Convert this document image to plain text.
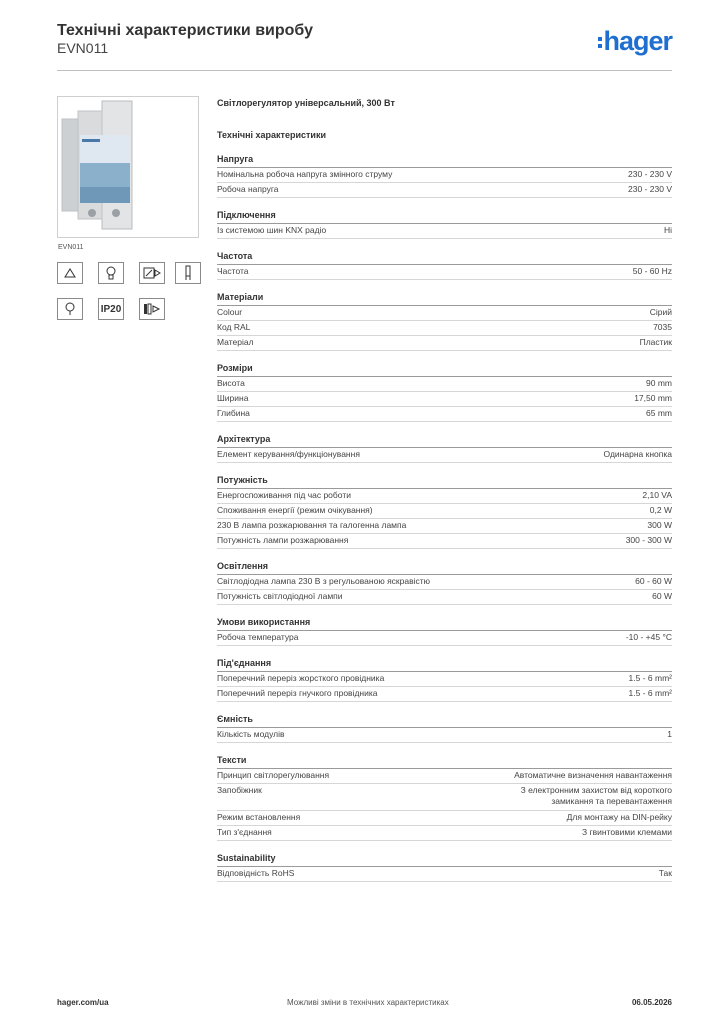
Технічні характеристики виробу
EVN011	hager
EVN011
IP20
Світлорегулятор універсальний, 300 Вт
Технічні характеристики
Напруга
Номінальна робоча напруга змінного струму	230 - 230 V
Робоча напруга	230 - 230 V
Підключення
Із системою шин KNX радіо	Ні
Частота
Частота	50 - 60 Hz
Матеріали
Colour	Сірий
Код RAL	7035
Матеріал	Пластик
Розміри
Висота	90 mm
Ширина	17,50 mm
Глибина	65 mm
Архітектура
Елемент керування/функціонування	Одинарна кнопка
Потужність
Енергоспоживання під час роботи	2,10 VA
Споживання енергії (режим очікування)	0,2 W
230 В лампа розжарювання та галогенна лампа	300 W
Потужність лампи розжарювання	300 - 300 W
Освітлення
Світлодіодна лампа 230 В з регульованою яскравістю	60 - 60 W
Потужність світлодіодної лампи	60 W
Умови використання
Робоча температура	-10 - +45 °C
Під'єднання
Поперечний переріз жорсткого провідника	1.5 - 6 mm²
Поперечний переріз гнучкого провідника	1.5 - 6 mm²
Ємність
Кількість модулів	1
Тексти
Принцип світлорегулювання	Автоматичне визначення навантаження
Запобіжник	З електронним захистом від короткого замикання та перевантаження
Режим встановлення	Для монтажу на DIN-рейку
Тип з'єднання	З гвинтовими клемами
Sustainability
Відповідність RoHS	Так
hager.com/ua	Можливі зміни в технічних характеристиках	06.05.2026
